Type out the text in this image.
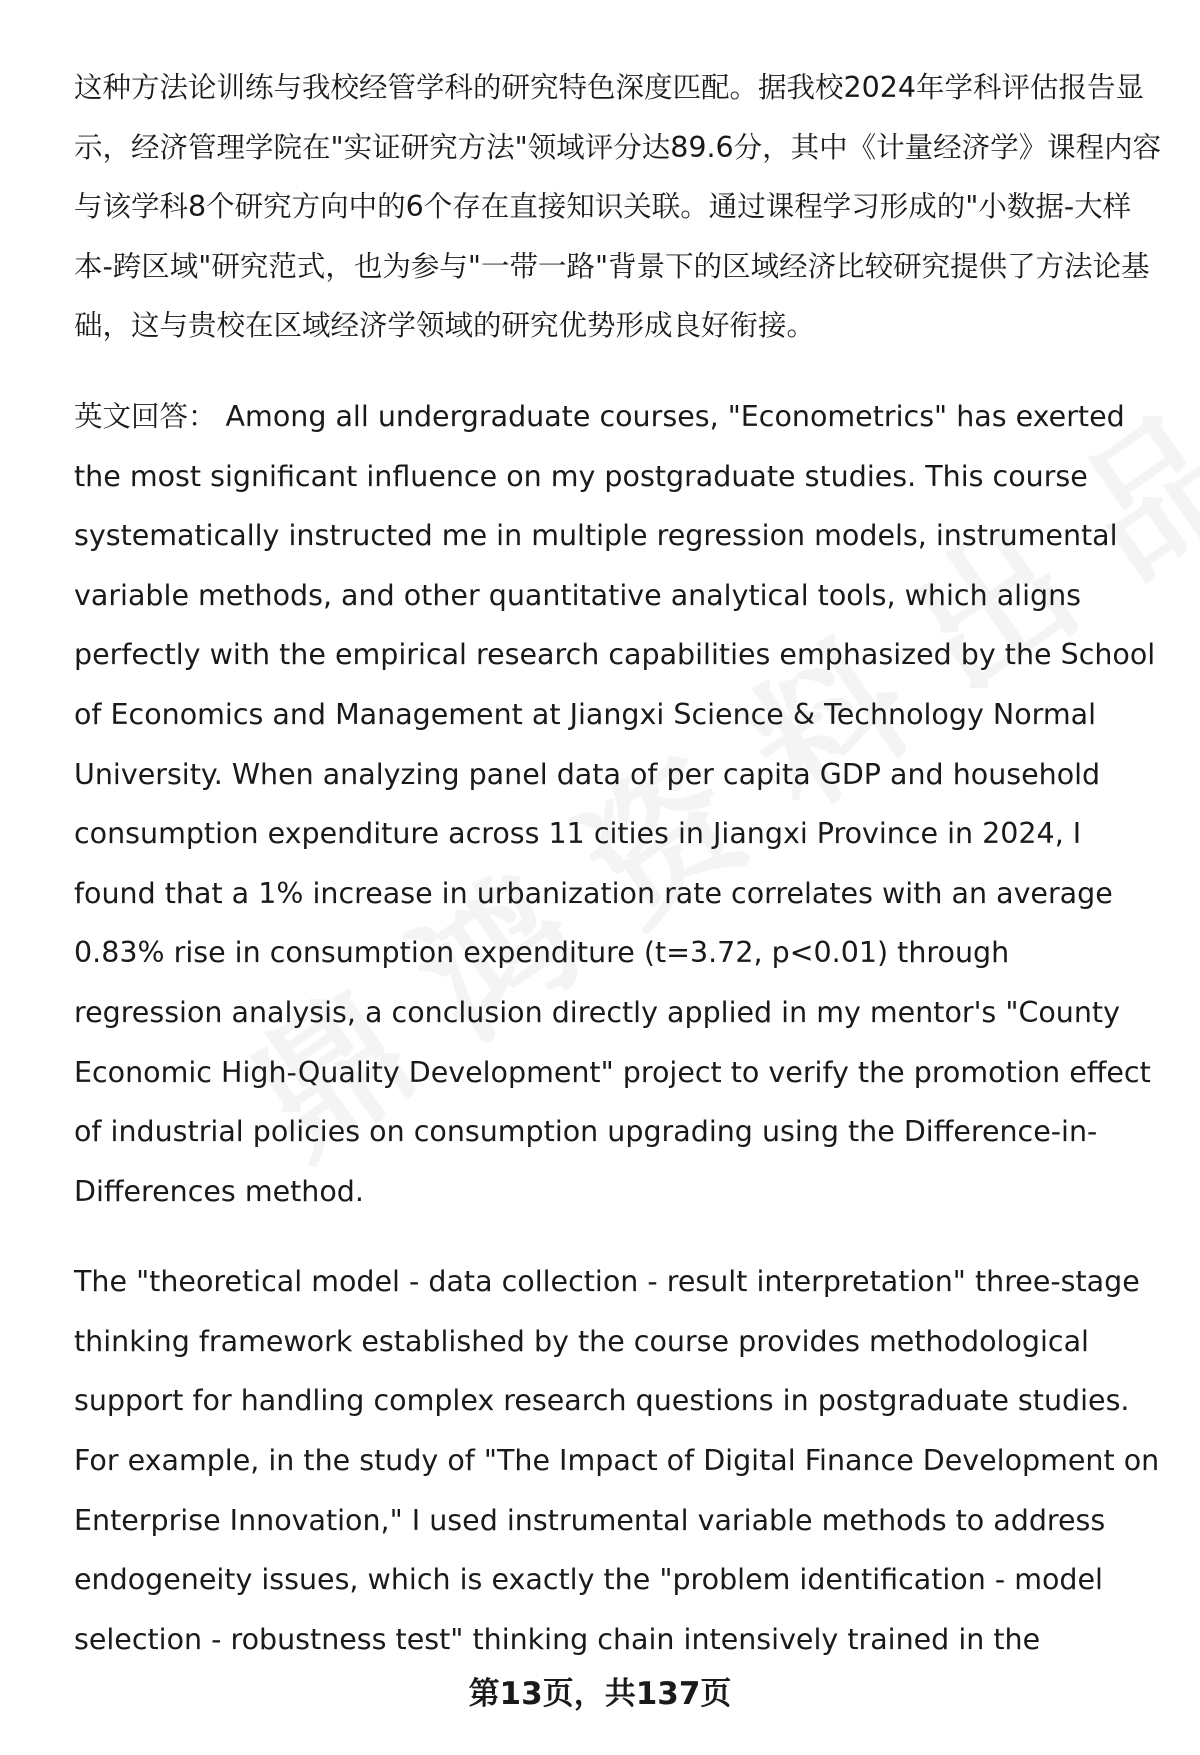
这种方法论训练与我校经管学科的研究特色深度匹配。据我校2024年学科评估报告显示，经济管理学院在"实证研究方法"领域评分达89.6分，其中《计量经济学》课程内容与该学科8个研究方向中的6个存在直接知识关联。通过课程学习形成的"小数据-大样本-跨区域"研究范式，也为参与"一带一路"背景下的区域经济比较研究提供了方法论基础，这与贵校在区域经济学领域的研究优势形成良好衔接。

英文回答： Among all undergraduate courses, "Econometrics" has exerted the most significant influence on my postgraduate studies. This course systematically instructed me in multiple regression models, instrumental variable methods, and other quantitative analytical tools, which aligns perfectly with the empirical research capabilities emphasized by the School of Economics and Management at Jiangxi Science & Technology Normal University. When analyzing panel data of per capita GDP and household consumption expenditure across 11 cities in Jiangxi Province in 2024, I found that a 1% increase in urbanization rate correlates with an average 0.83% rise in consumption expenditure (t=3.72, p<0.01) through regression analysis, a conclusion directly applied in my mentor's "County Economic High-Quality Development" project to verify the promotion effect of industrial policies on consumption upgrading using the Difference-in-Differences method.

The "theoretical model - data collection - result interpretation" three-stage thinking framework established by the course provides methodological support for handling complex research questions in postgraduate studies. For example, in the study of "The Impact of Digital Finance Development on Enterprise Innovation," I used instrumental variable methods to address endogeneity issues, which is exactly the "problem identification - model selection - robustness test" thinking chain intensively trained in the

第13页，共137页
